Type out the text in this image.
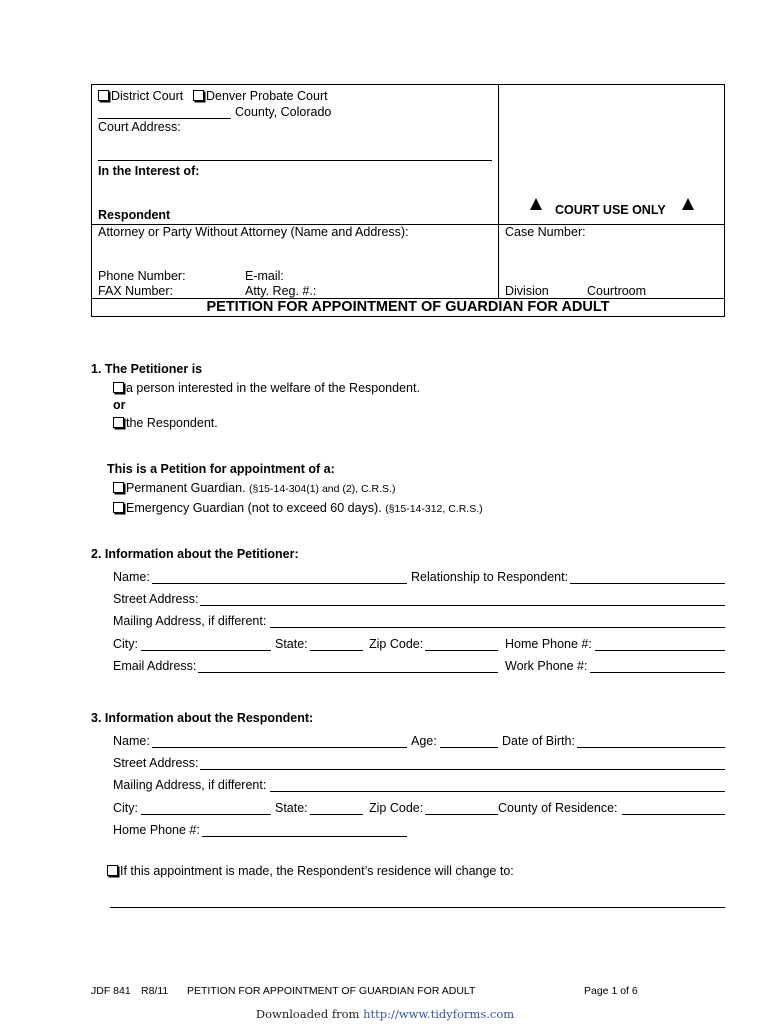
District Court	Denver Probate Court
County, Colorado
Court Address:
In the Interest of:
Respondent	COURT USE ONLY
Attorney or Party Without Attorney (Name and Address):	Case Number:
Phone Number:	E-mail:
FAX Number:	Atty. Reg. #.:	Division	Courtroom
PETITION FOR APPOINTMENT OF GUARDIAN FOR ADULT
1. The Petitioner is
a person interested in the welfare of the Respondent.
or
the Respondent.
This is a Petition for appointment of a:
Permanent Guardian. (§15-14-304(1) and (2), C.R.S.)
Emergency Guardian (not to exceed 60 days). (§15-14-312, C.R.S.)
2. Information about the Petitioner:
Name:	Relationship to Respondent:
Street Address:
Mailing Address, if different:
City:	State:	Zip Code:	Home Phone #:
Email Address:	Work Phone #:
3. Information about the Respondent:
Name:	Age:	Date of Birth:
Street Address:
Mailing Address, if different:
City:	State:	Zip Code:	County of Residence:
Home Phone #:
If this appointment is made, the Respondent’s residence will change to:
JDF 841 R8/11 PETITION FOR APPOINTMENT OF GUARDIAN FOR ADULT	Page 1 of 6
Downloaded from http://www.tidyforms.com
